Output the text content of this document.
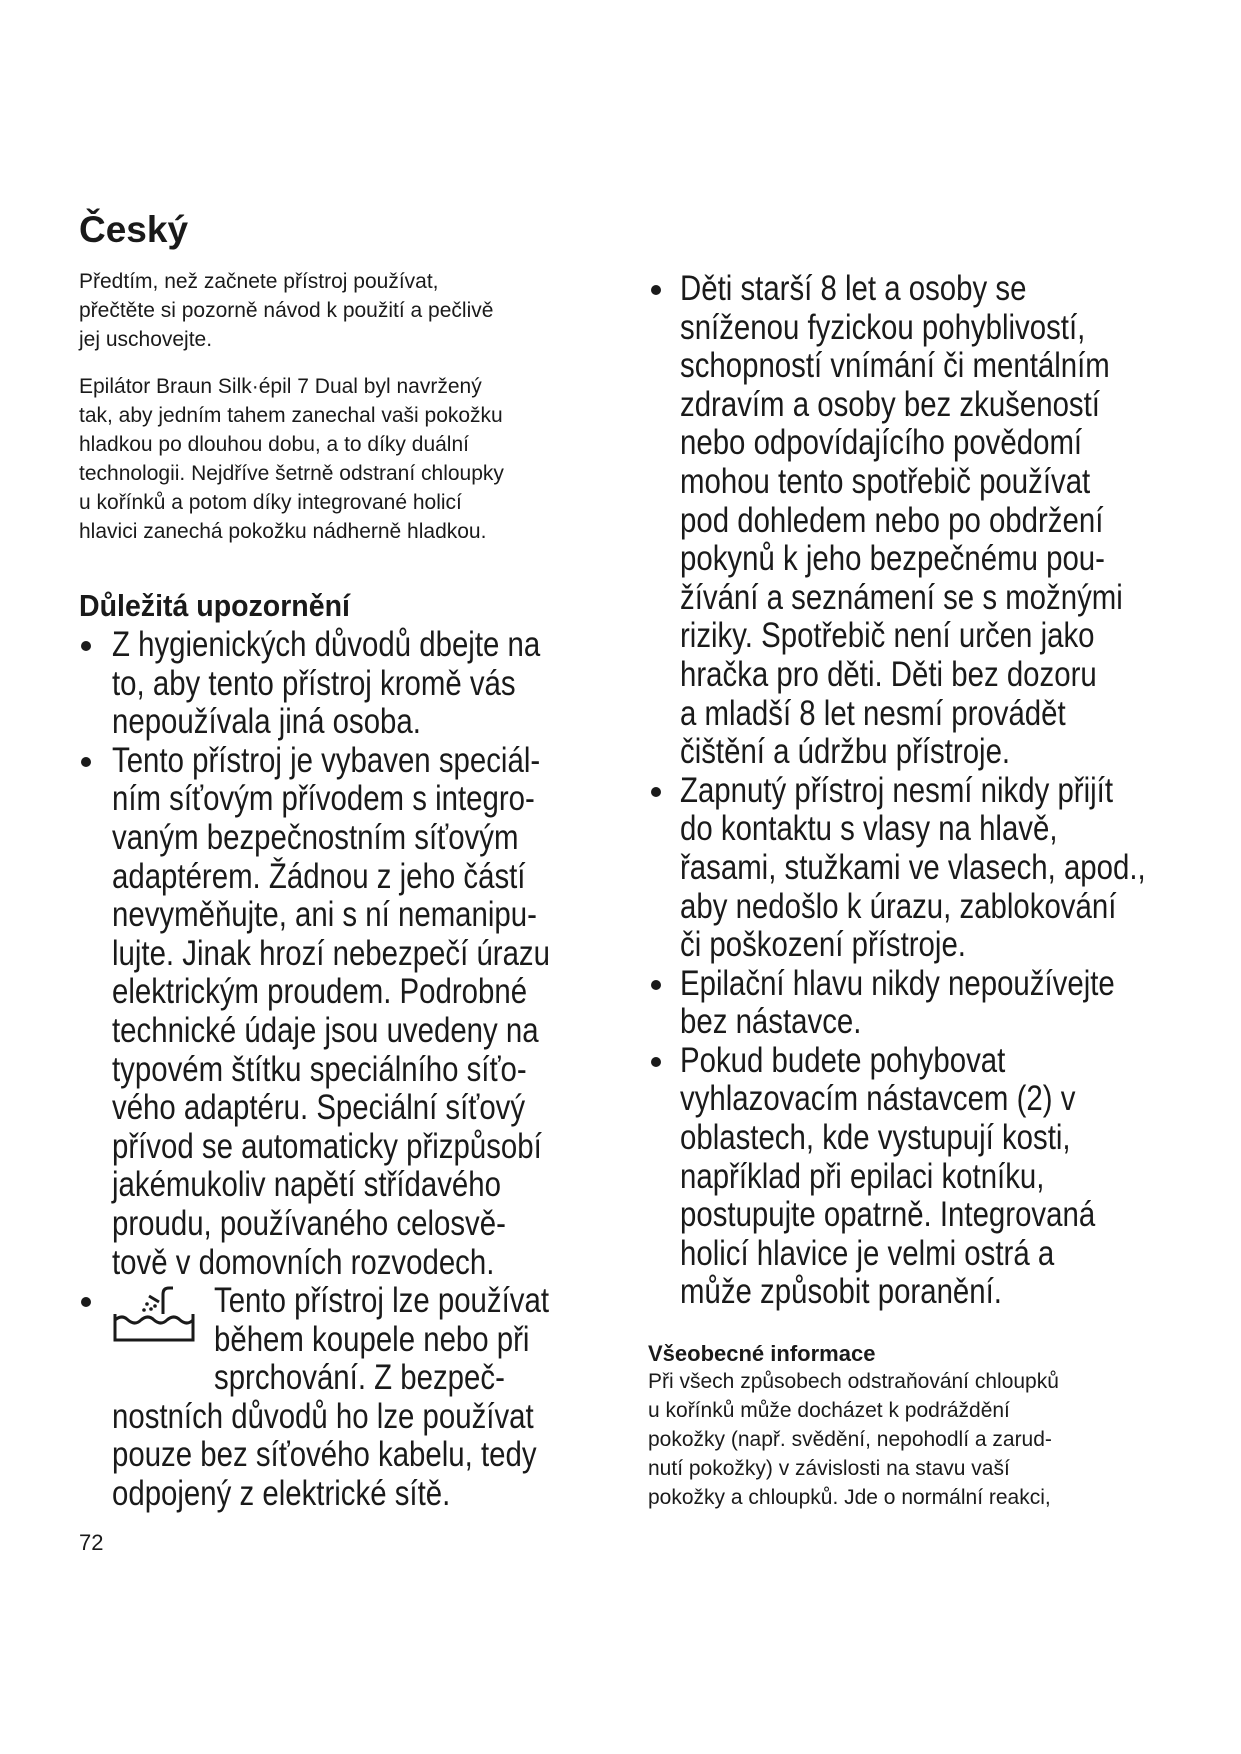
Český
Předtím, než začnete přístroj používat,
přečtěte si pozorně návod k použití a pečlivě
jej uschovejte.
Epilátor Braun Silk·épil 7 Dual byl navržený
tak, aby jedním tahem zanechal vaši pokožku
hladkou po dlouhou dobu, a to díky duální
technologii. Nejdříve šetrně odstraní chloupky
u kořínků a potom díky integrované holicí
hlavici zanechá pokožku nádherně hladkou.
Důležitá upozornění
Z hygienických důvodů dbejte na
to, aby tento přístroj kromě vás
nepoužívala jiná osoba.
Tento přístroj je vybaven speciál-
ním síťovým přívodem s integro-
vaným bezpečnostním síťovým
adaptérem. Žádnou z jeho částí
nevyměňujte, ani s ní nemanipu-
lujte. Jinak hrozí nebezpečí úrazu
elektrickým proudem. Podrobné
technické údaje jsou uvedeny na
typovém štítku speciálního síťo-
vého adaptéru. Speciální síťový
přívod se automaticky přizpůsobí
jakémukoliv napětí střídavého
proudu, používaného celosvě-
tově v domovních rozvodech.
Tento přístroj lze používat
během koupele nebo při
sprchování. Z bezpeč-
nostních důvodů ho lze používat
pouze bez síťového kabelu, tedy
odpojený z elektrické sítě.
Děti starší 8 let a osoby se
sníženou fyzickou pohyblivostí,
schopností vnímání či mentálním
zdravím a osoby bez zkušeností
nebo odpovídajícího povědomí
mohou tento spotřebič používat
pod dohledem nebo po obdržení
pokynů k jeho bezpečnému pou-
žívání a seznámení se s možnými
riziky. Spotřebič není určen jako
hračka pro děti. Děti bez dozoru
a mladší 8 let nesmí provádět
čištění a údržbu přístroje.
Zapnutý přístroj nesmí nikdy přijít
do kontaktu s vlasy na hlavě,
řasami, stužkami ve vlasech, apod.,
aby nedošlo k úrazu, zablokování
či poškození přístroje.
Epilační hlavu nikdy nepoužívejte
bez nástavce.
Pokud budete pohybovat
vyhlazovacím nástavcem (2) v
oblastech, kde vystupují kosti,
například při epilaci kotníku,
postupujte opatrně. Integrovaná
holicí hlavice je velmi ostrá a
může způsobit poranění.
Všeobecné informace
Při všech způsobech odstraňování chloupků
u kořínků může docházet k podráždění
pokožky (např. svědění, nepohodlí a zarud-
nutí pokožky) v závislosti na stavu vaší
pokožky a chloupků. Jde o normální reakci,
72
